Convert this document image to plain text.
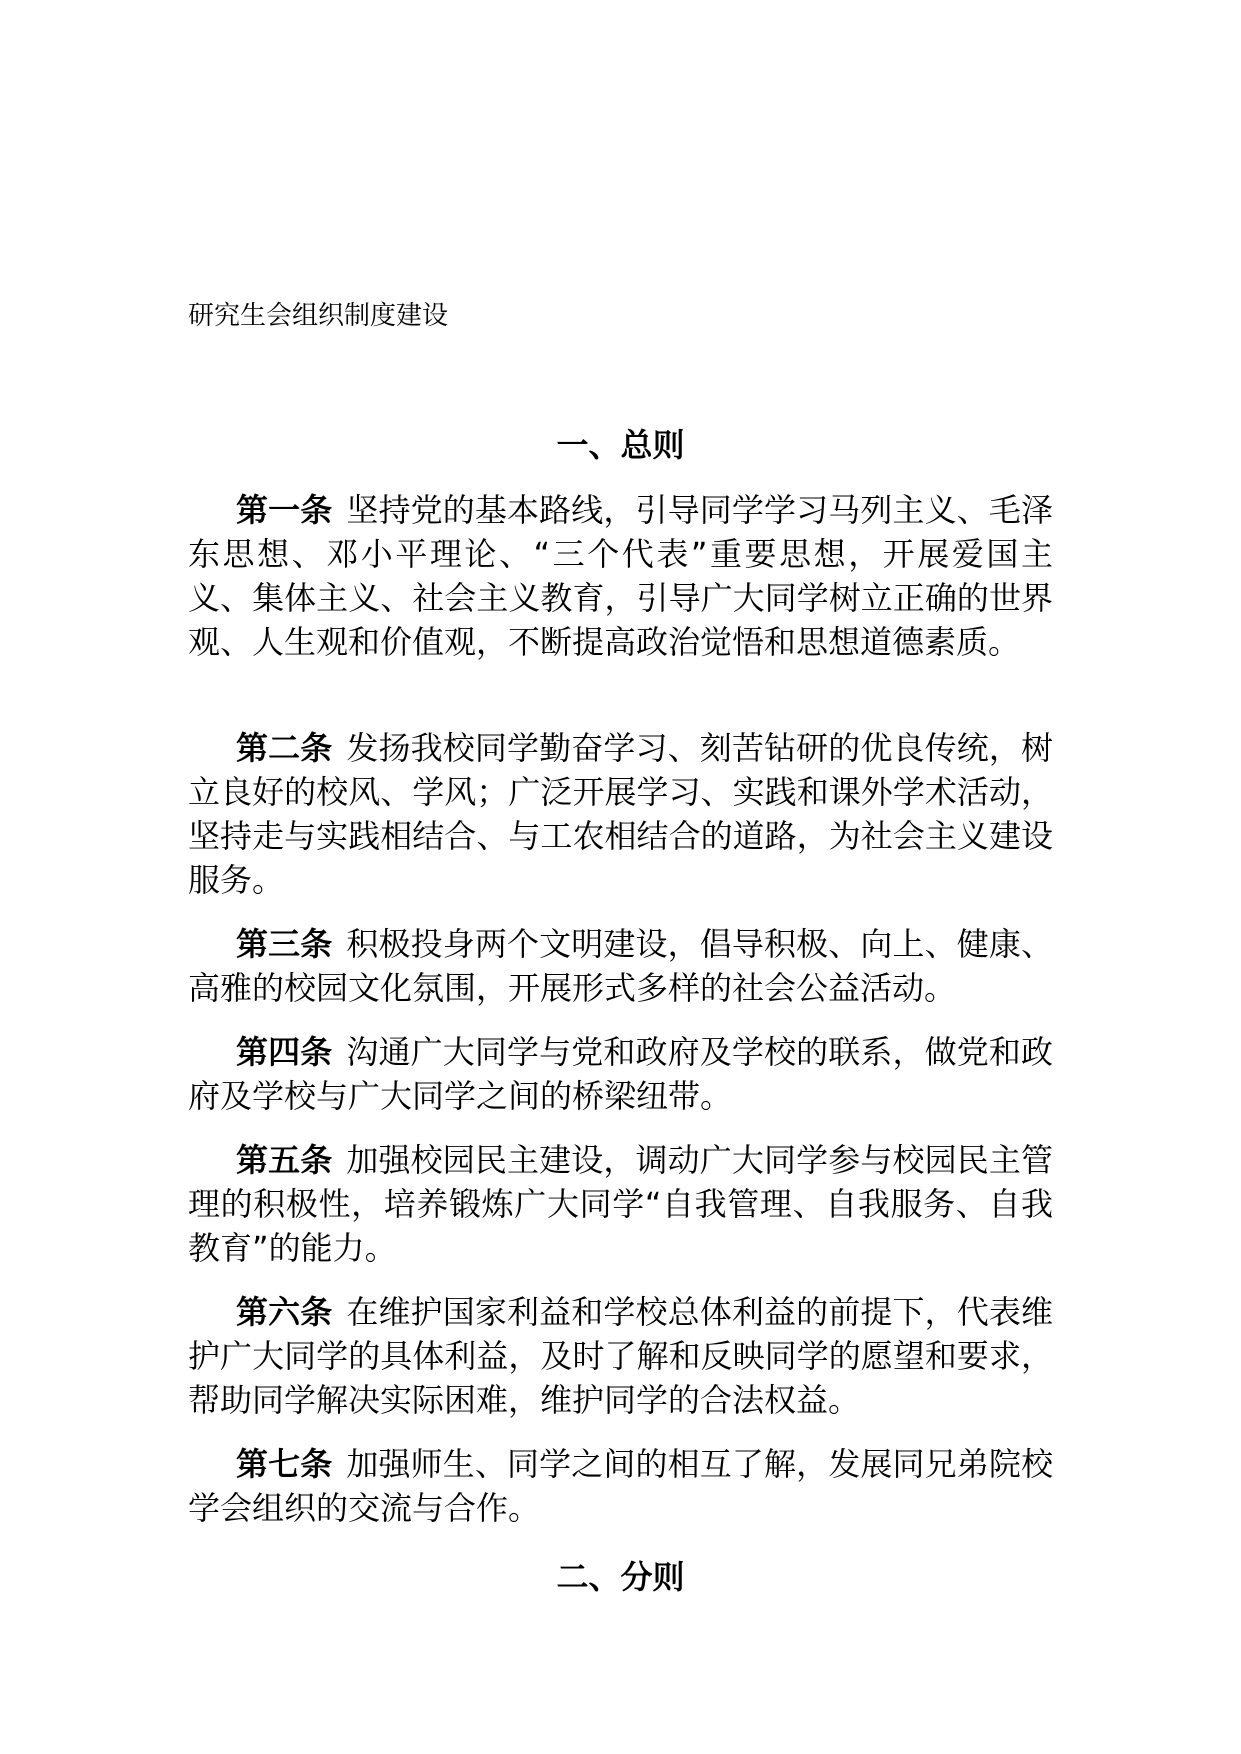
研究生会组织制度建设
一、总则

第一条 坚持党的基本路线，引导同学学习马列主义、毛泽东思想、邓小平理论、“三个代表”重要思想，开展爱国主义、集体主义、社会主义教育，引导广大同学树立正确的世界观、人生观和价值观，不断提高政治觉悟和思想道德素质。

第二条 发扬我校同学勤奋学习、刻苦钻研的优良传统，树立良好的校风、学风；广泛开展学习、实践和课外学术活动，坚持走与实践相结合、与工农相结合的道路，为社会主义建设服务。

第三条 积极投身两个文明建设，倡导积极、向上、健康、高雅的校园文化氛围，开展形式多样的社会公益活动。

第四条 沟通广大同学与党和政府及学校的联系，做党和政府及学校与广大同学之间的桥梁纽带。

第五条 加强校园民主建设，调动广大同学参与校园民主管理的积极性，培养锻炼广大同学“自我管理、自我服务、自我教育”的能力。

第六条 在维护国家利益和学校总体利益的前提下，代表维护广大同学的具体利益，及时了解和反映同学的愿望和要求，帮助同学解决实际困难，维护同学的合法权益。

第七条 加强师生、同学之间的相互了解，发展同兄弟院校学会组织的交流与合作。

二、分则
